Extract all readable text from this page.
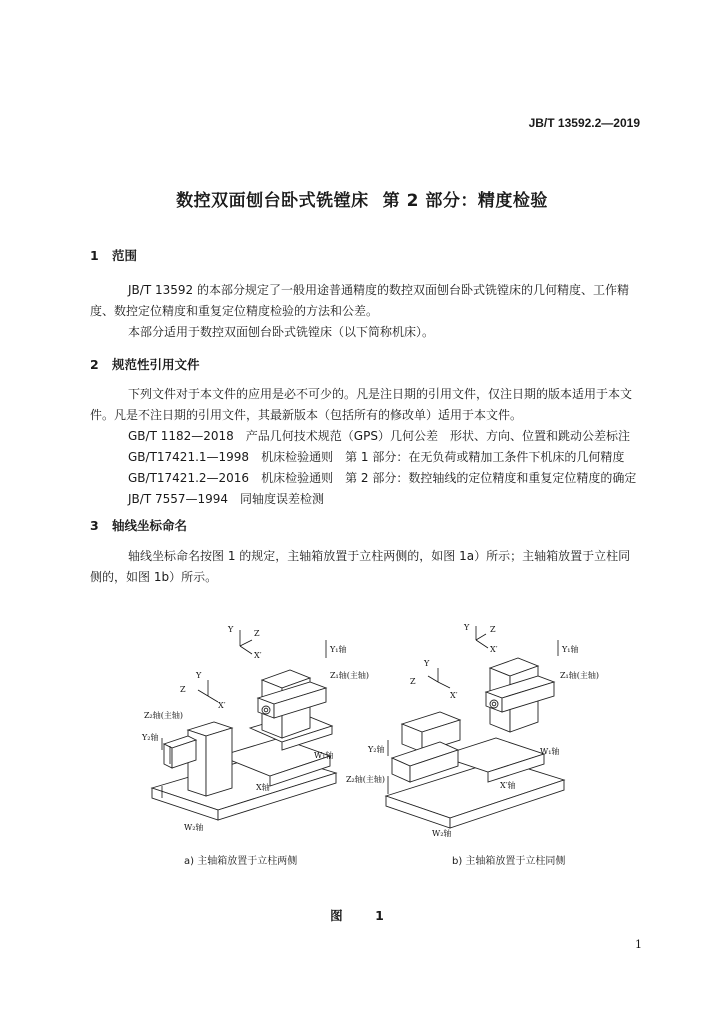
JB/T 13592.2—2019
数控双面刨台卧式铣镗床 第 2 部分：精度检验
1 范围

JB/T 13592 的本部分规定了一般用途普通精度的数控双面刨台卧式铣镗床的几何精度、工作精度、数控定位精度和重复定位精度检验的方法和公差。

本部分适用于数控双面刨台卧式铣镗床（以下简称机床）。

2 规范性引用文件

下列文件对于本文件的应用是必不可少的。凡是注日期的引用文件，仅注日期的版本适用于本文件。凡是不注日期的引用文件，其最新版本（包括所有的修改单）适用于本文件。

GB/T 1182—2018 产品几何技术规范（GPS）几何公差　形状、方向、位置和跳动公差标注
GB/T17421.1—1998 机床检验通则　第 1 部分：在无负荷或精加工条件下机床的几何精度
GB/T17421.2—2016 机床检验通则　第 2 部分：数控轴线的定位精度和重复定位精度的确定
JB/T 7557—1994 同轴度误差检测
3 轴线坐标命名

轴线坐标命名按图 1 的规定，主轴箱放置于立柱两侧的，如图 1a）所示；主轴箱放置于立柱同侧的，如图 1b）所示。

Y	Z
X′
Y₁轴
Y
Z
X′
Z₁轴(主轴)
Z₂轴(主轴)
Y₂轴
W₁轴
X轴
W₂轴
Y	Z
X′	Y₁轴
Y
Z
X′
Z₁轴(主轴)
Y₂轴
Z₂轴(主轴)
W₁轴
X′轴
W₂轴
a) 主轴箱放置于立柱两侧	b) 主轴箱放置于立柱同侧
图　1
1
